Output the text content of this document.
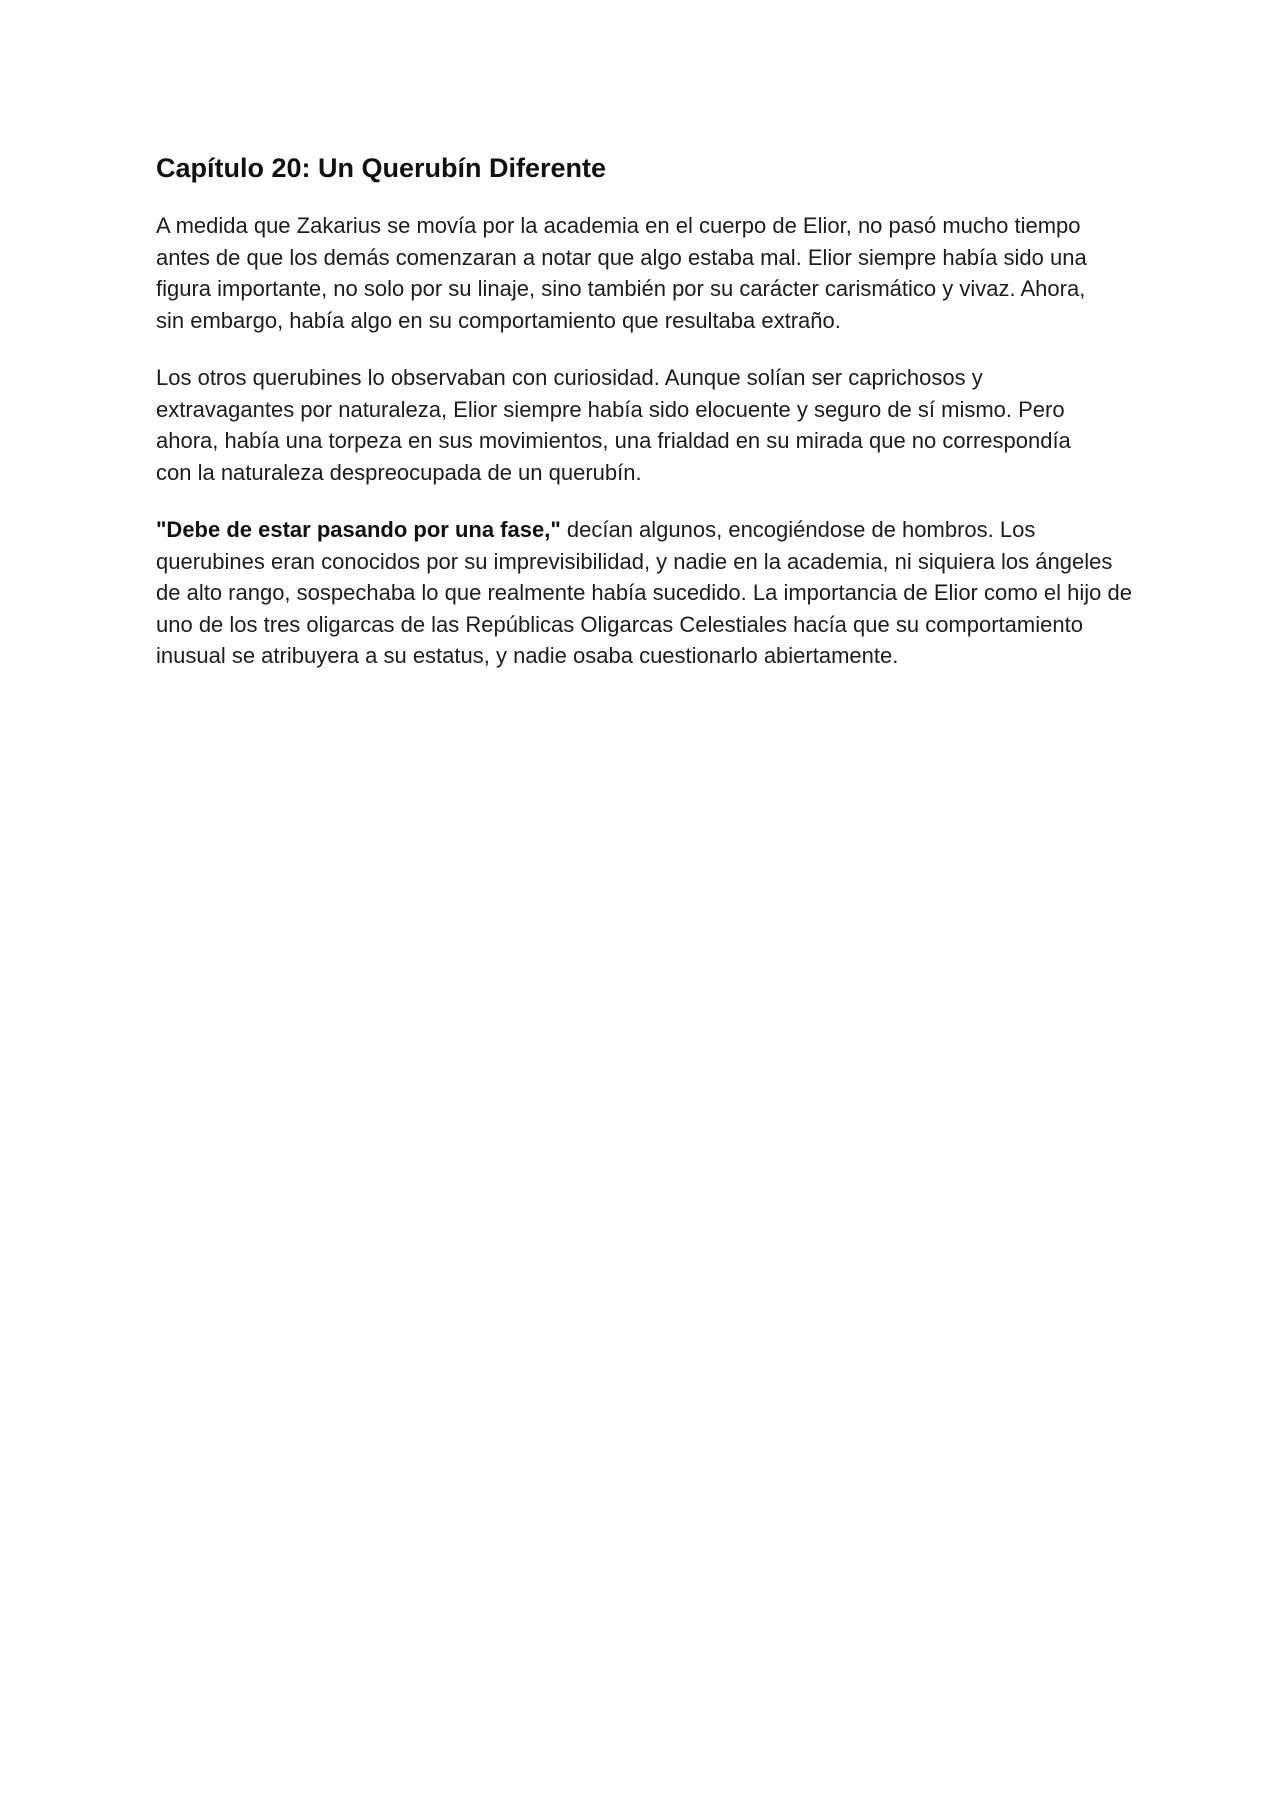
Capítulo 20: Un Querubín Diferente

A medida que Zakarius se movía por la academia en el cuerpo de Elior, no pasó mucho tiempo antes de que los demás comenzaran a notar que algo estaba mal. Elior siempre había sido una figura importante, no solo por su linaje, sino también por su carácter carismático y vivaz. Ahora, sin embargo, había algo en su comportamiento que resultaba extraño.

Los otros querubines lo observaban con curiosidad. Aunque solían ser caprichosos y extravagantes por naturaleza, Elior siempre había sido elocuente y seguro de sí mismo. Pero ahora, había una torpeza en sus movimientos, una frialdad en su mirada que no correspondía con la naturaleza despreocupada de un querubín.

"Debe de estar pasando por una fase," decían algunos, encogiéndose de hombros. Los querubines eran conocidos por su imprevisibilidad, y nadie en la academia, ni siquiera los ángeles de alto rango, sospechaba lo que realmente había sucedido. La importancia de Elior como el hijo de uno de los tres oligarcas de las Repúblicas Oligarcas Celestiales hacía que su comportamiento inusual se atribuyera a su estatus, y nadie osaba cuestionarlo abiertamente.
